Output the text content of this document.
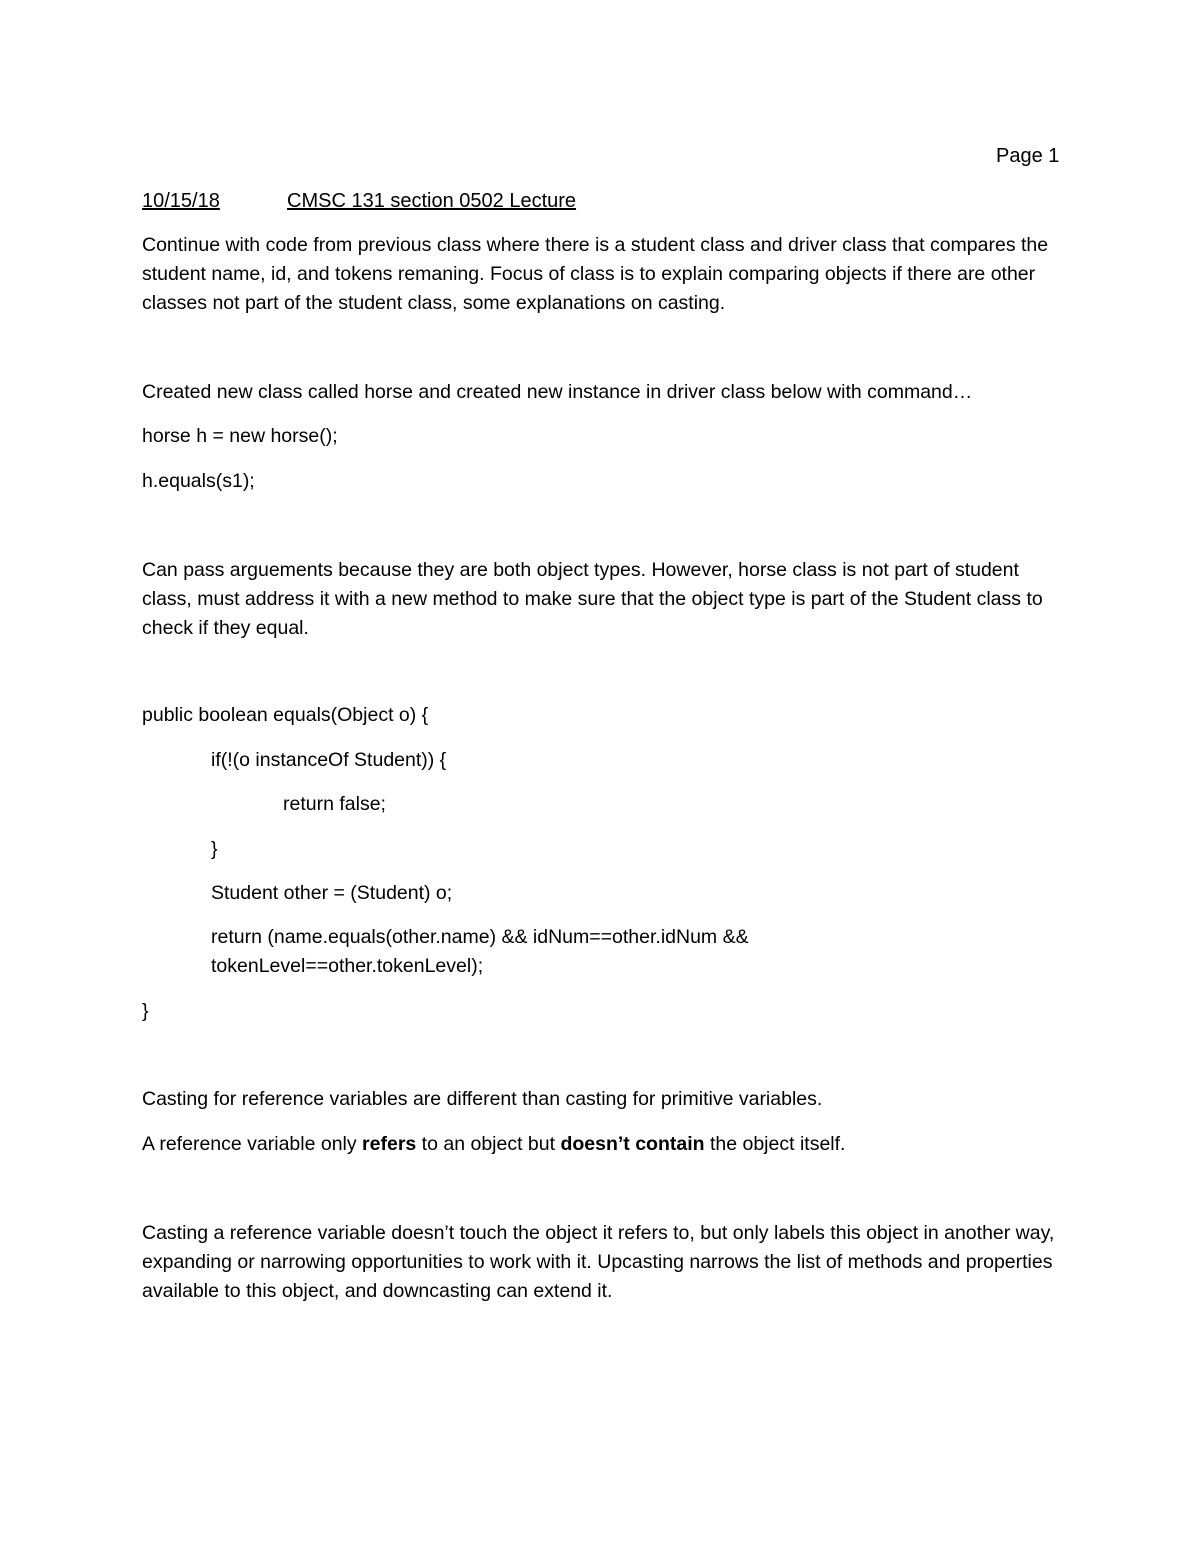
Page 1
10/15/18	CMSC 131 section 0502 Lecture

Continue with code from previous class where there is a student class and driver class that compares the student name, id, and tokens remaning. Focus of class is to explain comparing objects if there are other classes not part of the student class, some explanations on casting.

Created new class called horse and created new instance in driver class below with command…

horse h = new horse();
h.equals(s1);

Can pass arguements because they are both object types. However, horse class is not part of student class, must address it with a new method to make sure that the object type is part of the Student class to check if they equal.

public boolean equals(Object o) {
if(!(o instanceOf Student)) {
return false;
}
Student other = (Student) o;
return (name.equals(other.name) && idNum==other.idNum &&
tokenLevel==other.tokenLevel);
}

Casting for reference variables are different than casting for primitive variables.

A reference variable only refers to an object but doesn’t contain the object itself.

Casting a reference variable doesn’t touch the object it refers to, but only labels this object in another way, expanding or narrowing opportunities to work with it. Upcasting narrows the list of methods and properties available to this object, and downcasting can extend it.
